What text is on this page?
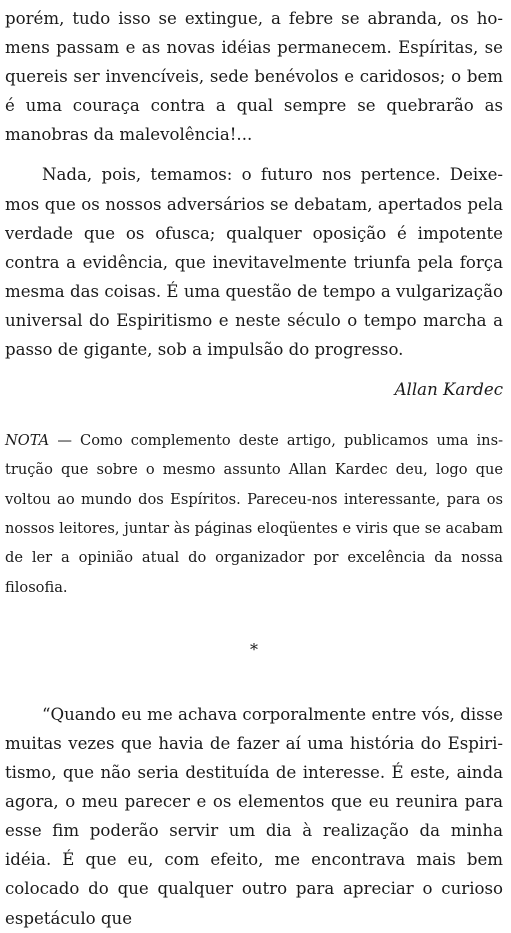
porém, tudo isso se extingue, a febre se abranda, os homens passam e as novas idéias permanecem. Espíritas, se quereis ser invencíveis, sede benévolos e caridosos; o bem é uma couraça contra a qual sempre se quebrarão as manobras da malevolência!...

Nada, pois, temamos: o futuro nos pertence. Deixemos que os nossos adversários se debatam, apertados pela verdade que os ofusca; qualquer oposição é impotente contra a evidência, que inevitavelmente triunfa pela força mesma das coisas. É uma questão de tempo a vulgarização universal do Espiritismo e neste século o tempo marcha a passo de gigante, sob a impulsão do progresso.

Allan Kardec

NOTA — Como complemento deste artigo, publicamos uma instrução que sobre o mesmo assunto Allan Kardec deu, logo que voltou ao mundo dos Espíritos. Pareceu-nos interessante, para os nossos leitores, juntar às páginas eloqüentes e viris que se acabam de ler a opinião atual do organizador por excelência da nossa filosofia.

*

“Quando eu me achava corporalmente entre vós, disse muitas vezes que havia de fazer aí uma história do Espiritismo, que não seria destituída de interesse. É este, ainda agora, o meu parecer e os elementos que eu reunira para esse fim poderão servir um dia à realização da minha idéia. É que eu, com efeito, me encontrava mais bem colocado do que qualquer outro para apreciar o curioso espetáculo que
